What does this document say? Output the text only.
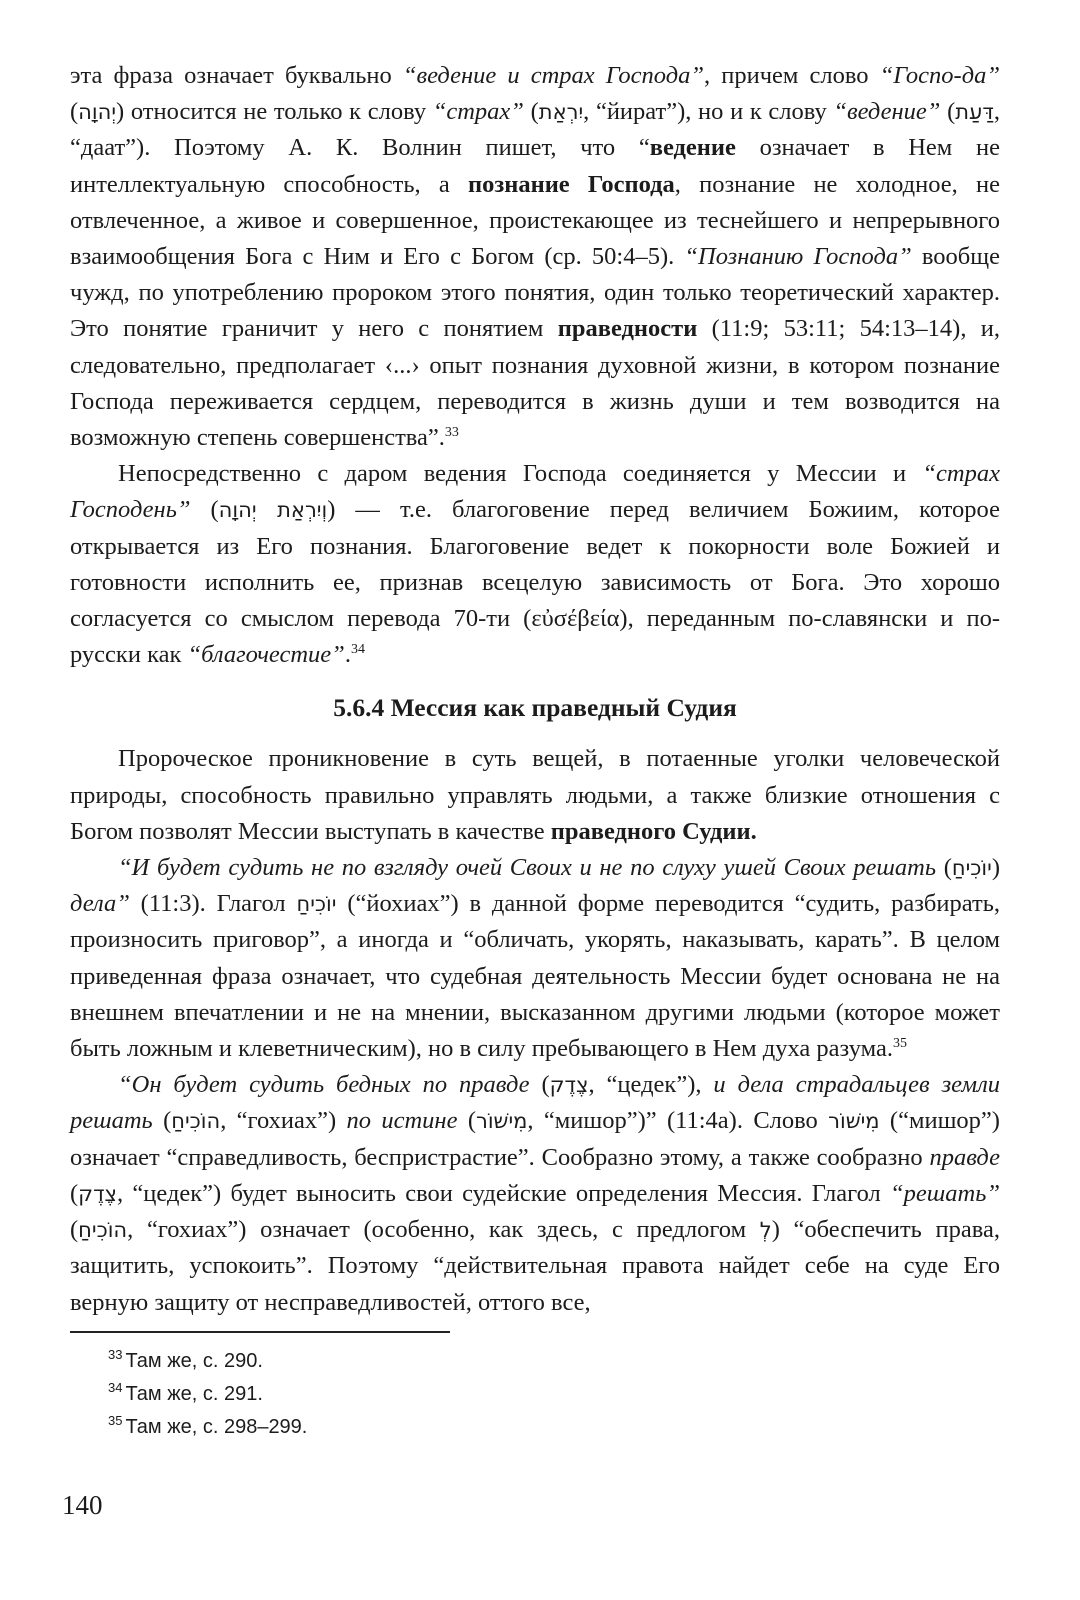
эта фраза означает буквально “ведение и страх Господа”, причем слово “Госпо-да” (יְהוָה) относится не только к слову “страх” (יִרְאַת, “йират”), но и к слову “ведение” (דַּעַת, “даат”). Поэтому А. К. Волнин пишет, что “ведение означает в Нем не интеллектуальную способность, а познание Господа, познание не холодное, не отвлеченное, а живое и совершенное, проистекающее из теснейшего и непрерывного взаимообщения Бога с Ним и Его с Богом (ср. 50:4–5). “Познанию Господа” вообще чужд, по употреблению пророком этого понятия, один только теоретический характер. Это понятие граничит у него с понятием праведности (11:9; 53:11; 54:13–14), и, следовательно, предполагает ‹...› опыт познания духовной жизни, в котором познание Господа переживается сердцем, переводится в жизнь души и тем возводится на возможную степень совершенства”.$^{33}$

Непосредственно с даром ведения Господа соединяется у Мессии и “страх Господень” (וְיִרְאַת יְהוָה) — т.е. благоговение перед величием Божиим, которое открывается из Его познания. Благоговение ведет к покорности воле Божией и готовности исполнить ее, признав всецелую зависимость от Бога. Это хорошо согласуется со смыслом перевода 70-ти (εὐσέβεία), переданным по-славянски и по-русски как “благочестие”.$^{34}$

5.6.4 Мессия как праведный Судия

Пророческое проникновение в суть вещей, в потаенные уголки человеческой природы, способность правильно управлять людьми, а также близкие отношения с Богом позволят Мессии выступать в качестве праведного Судии.

“И будет судить не по взгляду очей Своих и не по слуху ушей Своих решать (יוֹכִיחַ) дела” (11:3). Глагол יוֹכִיחַ (“йохиах”) в данной форме переводится “судить, разбирать, произносить приговор”, а иногда и “обличать, укорять, наказывать, карать”. В целом приведенная фраза означает, что судебная деятельность Мессии будет основана не на внешнем впечатлении и не на мнении, высказанном другими людьми (которое может быть ложным и клеветническим), но в силу пребывающего в Нем духа разума.$^{35}$

“Он будет судить бедных по правде (צֶדֶק, “цедек”), и дела страдальцев земли решать (הוֹכִיחַ, “гохиах”) по истине (מִישׁוֹר, “мишор”)” (11:4a). Слово מִישׁוֹר (“мишор”) означает “справедливость, беспристрастие”. Сообразно этому, а также сообразно правде (צֶדֶק, “цедек”) будет выносить свои судейские определения Мессия. Глагол “решать” (הוֹכִיחַ, “гохиах”) означает (особенно, как здесь, с предлогом לְ) “обеспечить права, защитить, успокоить”. Поэтому “действительная правота найдет себе на суде Его верную защиту от несправедливостей, оттого все,

$^{33}$ Там же, с. 290.
$^{34}$ Там же, с. 291.
$^{35}$ Там же, с. 298–299.
140
